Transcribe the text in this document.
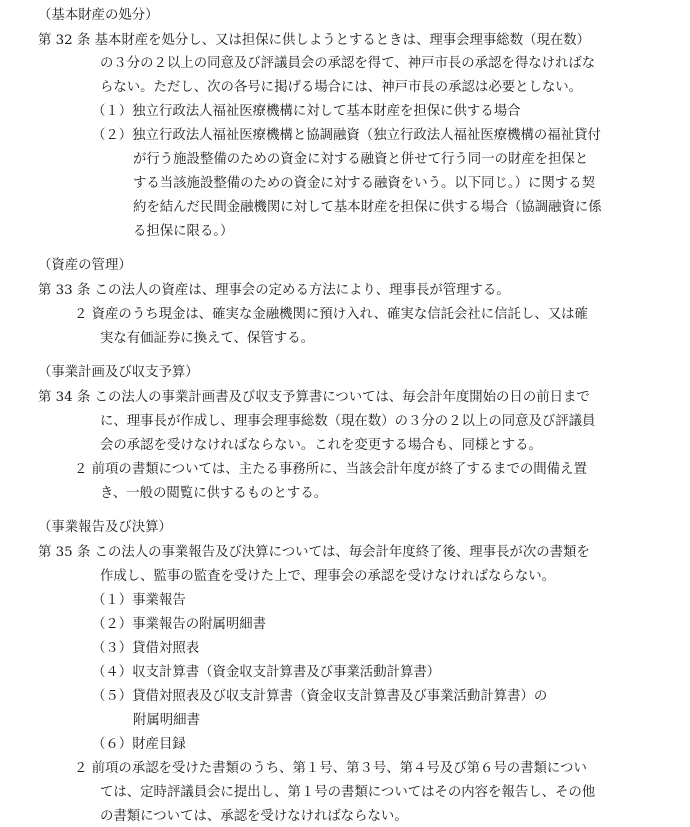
（基本財産の処分）
第 32 条 基本財産を処分し、又は担保に供しようとするときは、理事会理事総数（現在数）
の３分の２以上の同意及び評議員会の承認を得て、神戸市長の承認を得なければな
らない。ただし、次の各号に掲げる場合には、神戸市長の承認は必要としない。
（１）独立行政法人福祉医療機構に対して基本財産を担保に供する場合
（２）独立行政法人福祉医療機構と協調融資（独立行政法人福祉医療機構の福祉貸付
が行う施設整備のための資金に対する融資と併せて行う同一の財産を担保と
する当該施設整備のための資金に対する融資をいう。以下同じ。）に関する契
約を結んだ民間金融機関に対して基本財産を担保に供する場合（協調融資に係
る担保に限る。）
（資産の管理）
第 33 条 この法人の資産は、理事会の定める方法により、理事長が管理する。
２ 資産のうち現金は、確実な金融機関に預け入れ、確実な信託会社に信託し、又は確
実な有価証券に換えて、保管する。
（事業計画及び収支予算）
第 34 条 この法人の事業計画書及び収支予算書については、毎会計年度開始の日の前日まで
に、理事長が作成し、理事会理事総数（現在数）の３分の２以上の同意及び評議員
会の承認を受けなければならない。これを変更する場合も、同様とする。
２ 前項の書類については、主たる事務所に、当該会計年度が終了するまでの間備え置
き、一般の閲覧に供するものとする。
（事業報告及び決算）
第 35 条 この法人の事業報告及び決算については、毎会計年度終了後、理事長が次の書類を
作成し、監事の監査を受けた上で、理事会の承認を受けなければならない。
（１）事業報告
（２）事業報告の附属明細書
（３）貸借対照表
（４）収支計算書（資金収支計算書及び事業活動計算書）
（５）貸借対照表及び収支計算書（資金収支計算書及び事業活動計算書）の
附属明細書
（６）財産目録
２ 前項の承認を受けた書類のうち、第１号、第３号、第４号及び第６号の書類につい
ては、定時評議員会に提出し、第１号の書類についてはその内容を報告し、その他
の書類については、承認を受けなければならない。
